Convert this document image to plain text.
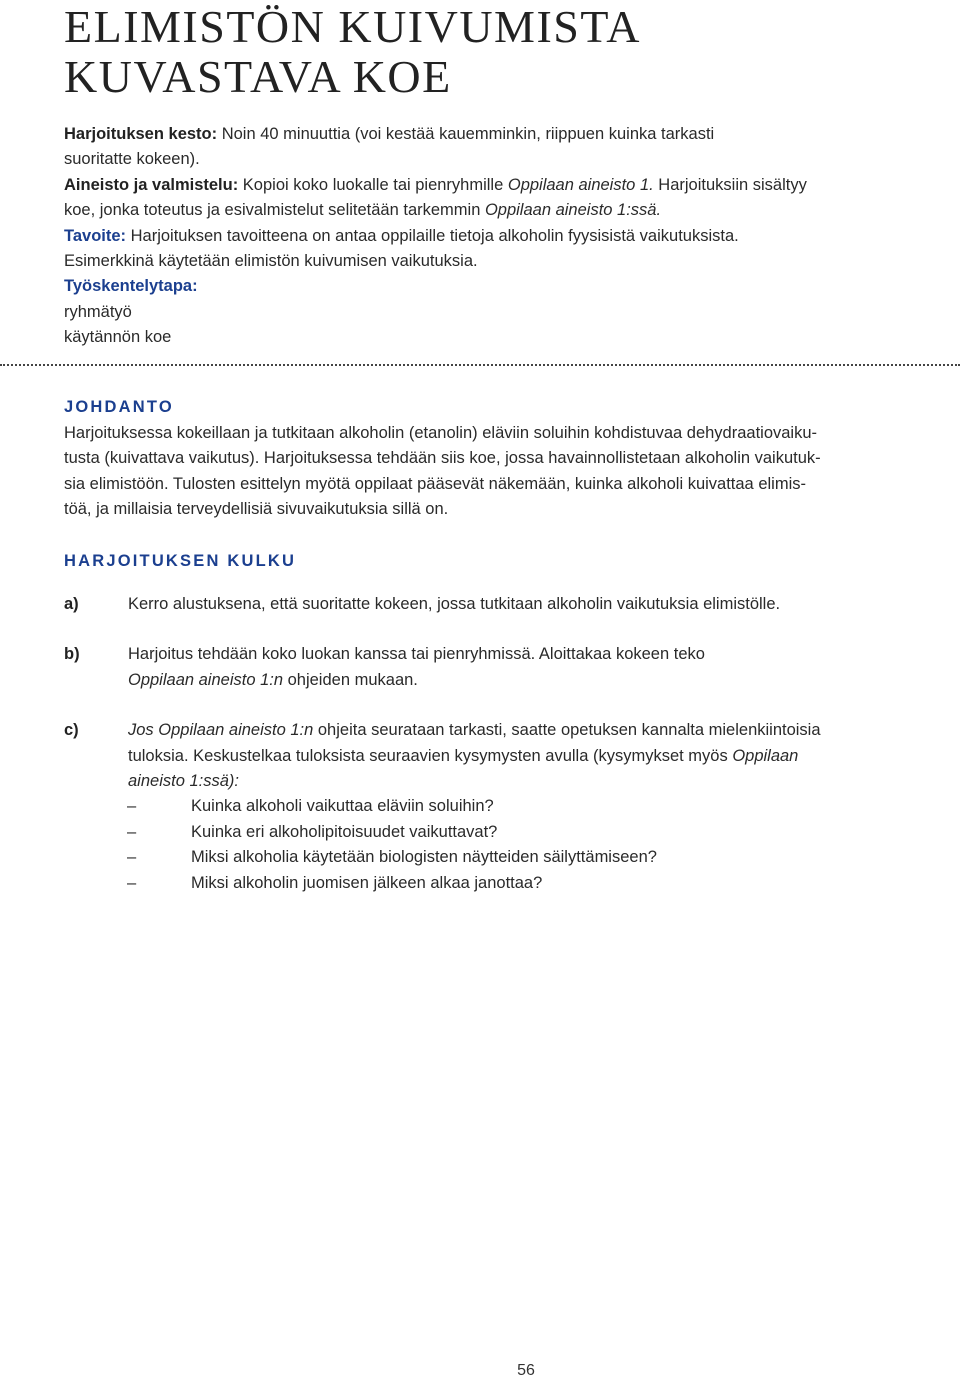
ELIMISTÖN KUIVUMISTA
KUVASTAVA KOE

Harjoituksen kesto: Noin 40 minuuttia (voi kestää kauemminkin, riippuen kuinka tarkasti
suoritatte kokeen).

Aineisto ja valmistelu: Kopioi koko luokalle tai pienryhmille Oppilaan aineisto 1. Harjoituksiin sisältyy
koe, jonka toteutus ja esivalmistelut selitetään tarkemmin Oppilaan aineisto 1:ssä.

Tavoite: Harjoituksen tavoitteena on antaa oppilaille tietoja alkoholin fyysisistä vaikutuksista.
Esimerkkinä käytetään elimistön kuivumisen vaikutuksia.

Työskentelytapa:
ryhmätyö
käytännön koe

JOHDANTO

Harjoituksessa kokeillaan ja tutkitaan alkoholin (etanolin) eläviin soluihin kohdistuvaa dehydraatiovaiku-
tusta (kuivattava vaikutus). Harjoituksessa tehdään siis koe, jossa havainnollistetaan alkoholin vaikutuk-
sia elimistöön. Tulosten esittelyn myötä oppilaat pääsevät näkemään, kuinka alkoholi kuivattaa elimis-
töä, ja millaisia terveydellisiä sivuvaikutuksia sillä on.

HARJOITUKSEN KULKU
a)	Kerro alustuksena, että suoritatte kokeen, jossa tutkitaan alkoholin vaikutuksia elimistölle.

b)	Harjoitus tehdään koko luokan kanssa tai pienryhmissä. Aloittakaa kokeen teko
Oppilaan aineisto 1:n ohjeiden mukaan.

c)	Jos Oppilaan aineisto 1:n ohjeita seurataan tarkasti, saatte opetuksen kannalta mielenkiintoisia
tuloksia. Keskustelkaa tuloksista seuraavien kysymysten avulla (kysymykset myös Oppilaan
aineisto 1:ssä):

–	Kuinka alkoholi vaikuttaa eläviin soluihin?
–	Kuinka eri alkoholipitoisuudet vaikuttavat?
–	Miksi alkoholia käytetään biologisten näytteiden säilyttämiseen?
–	Miksi alkoholin juomisen jälkeen alkaa janottaa?
56
